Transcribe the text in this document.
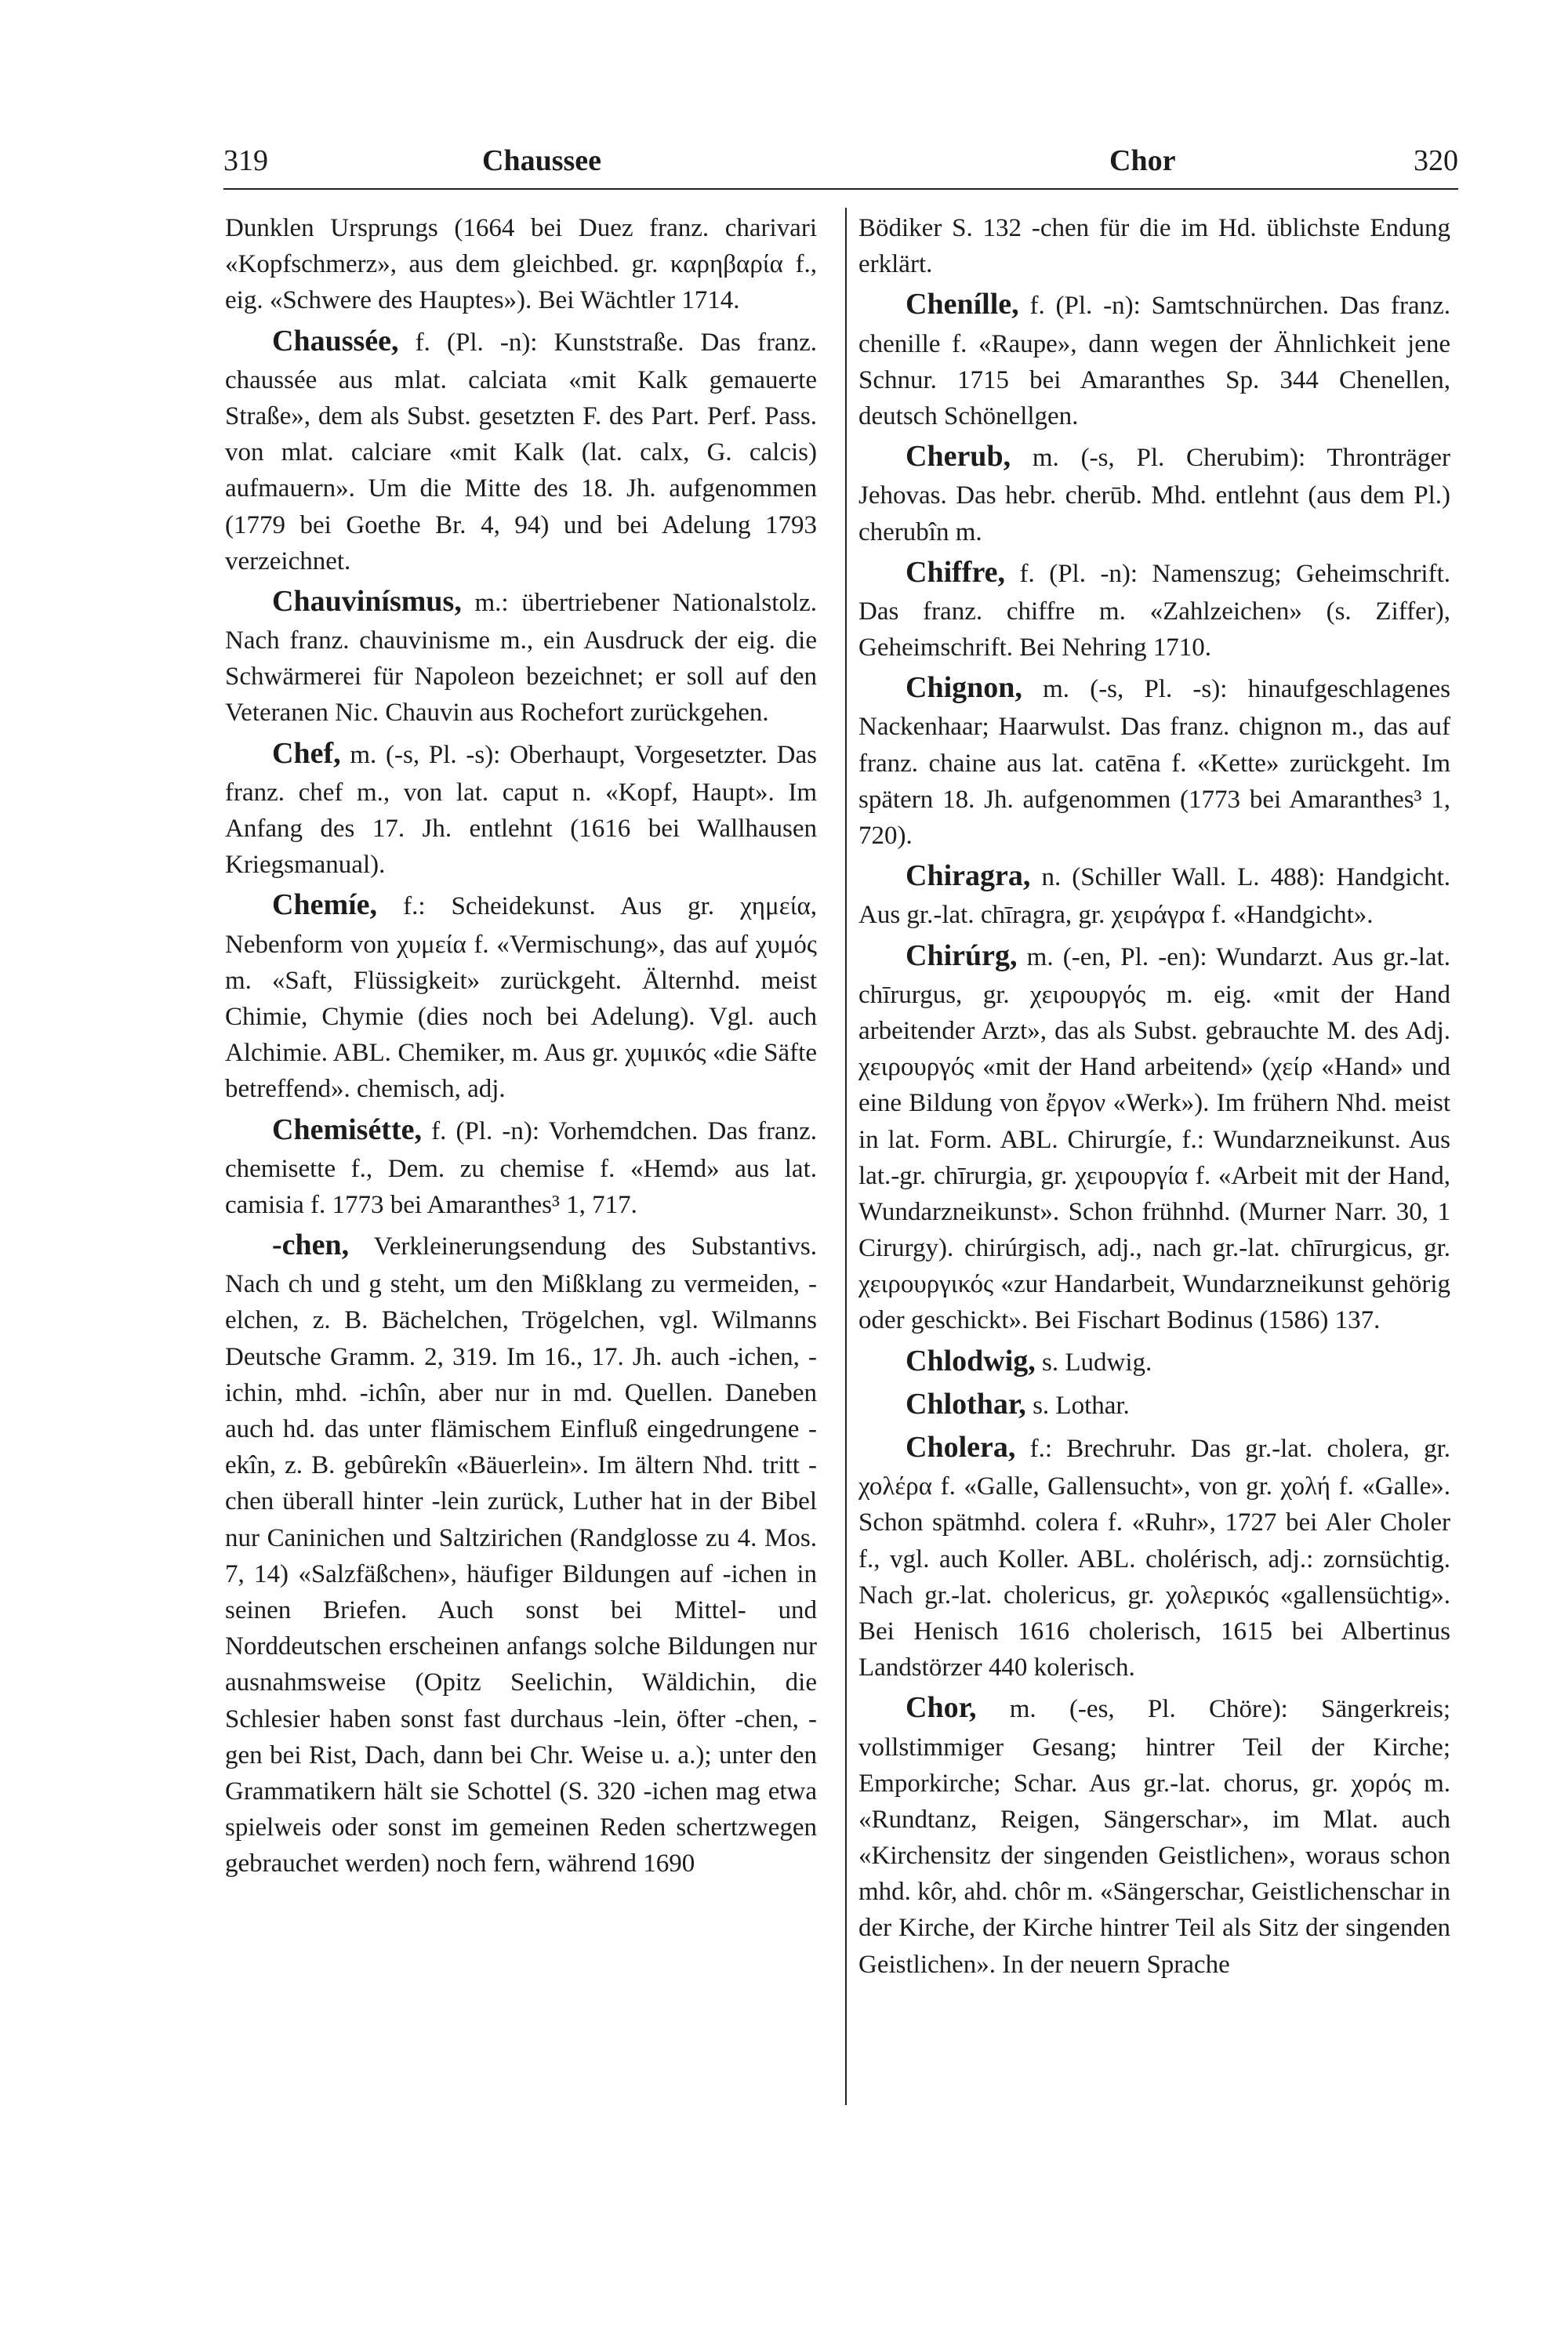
319	Chaussee	Chor	320

Dunklen Ursprungs (1664 bei Duez franz. charivari «Kopfschmerz», aus dem gleichbed. gr. καρηβαρία f., eig. «Schwere des Hauptes»). Bei Wächtler 1714.

Chaussée, f. (Pl. -n): Kunststraße. Das franz. chaussée aus mlat. calciata «mit Kalk gemauerte Straße», dem als Subst. gesetzten F. des Part. Perf. Pass. von mlat. calciare «mit Kalk (lat. calx, G. calcis) aufmauern». Um die Mitte des 18. Jh. aufgenommen (1779 bei Goethe Br. 4, 94) und bei Adelung 1793 verzeichnet.

Chauvinísmus, m.: übertriebener Nationalstolz. Nach franz. chauvinisme m., ein Ausdruck der eig. die Schwärmerei für Napoleon bezeichnet; er soll auf den Veteranen Nic. Chauvin aus Rochefort zurückgehen.

Chef, m. (-s, Pl. -s): Oberhaupt, Vorgesetzter. Das franz. chef m., von lat. caput n. «Kopf, Haupt». Im Anfang des 17. Jh. entlehnt (1616 bei Wallhausen Kriegsmanual).

Chemíe, f.: Scheidekunst. Aus gr. χημεία, Nebenform von χυμεία f. «Vermischung», das auf χυμός m. «Saft, Flüssigkeit» zurückgeht. Älternhd. meist Chimie, Chymie (dies noch bei Adelung). Vgl. auch Alchimie. ABL. Chemiker, m. Aus gr. χυμικός «die Säfte betreffend». chemisch, adj.

Chemisétte, f. (Pl. -n): Vorhemdchen. Das franz. chemisette f., Dem. zu chemise f. «Hemd» aus lat. camisia f. 1773 bei Amaranthes³ 1, 717.

-chen, Verkleinerungsendung des Substantivs. Nach ch und g steht, um den Mißklang zu vermeiden, -elchen, z. B. Bächelchen, Trögelchen, vgl. Wilmanns Deutsche Gramm. 2, 319. Im 16., 17. Jh. auch -ichen, -ichin, mhd. -ichîn, aber nur in md. Quellen. Daneben auch hd. das unter flämischem Einfluß eingedrungene -ekîn, z. B. gebûrekîn «Bäuerlein». Im ältern Nhd. tritt -chen überall hinter -lein zurück, Luther hat in der Bibel nur Caninichen und Saltzirichen (Randglosse zu 4. Mos. 7, 14) «Salzfäßchen», häufiger Bildungen auf -ichen in seinen Briefen. Auch sonst bei Mittel- und Norddeutschen erscheinen anfangs solche Bildungen nur ausnahmsweise (Opitz Seelichin, Wäldichin, die Schlesier haben sonst fast durchaus -lein, öfter -chen, -gen bei Rist, Dach, dann bei Chr. Weise u. a.); unter den Grammatikern hält sie Schottel (S. 320 -ichen mag etwa spielweis oder sonst im gemeinen Reden schertzwegen gebrauchet werden) noch fern, während 1690

Bödiker S. 132 -chen für die im Hd. üblichste Endung erklärt.

Chenílle, f. (Pl. -n): Samtschnürchen. Das franz. chenille f. «Raupe», dann wegen der Ähnlichkeit jene Schnur. 1715 bei Amaranthes Sp. 344 Chenellen, deutsch Schönellgen.

Cherub, m. (-s, Pl. Cherubim): Thronträger Jehovas. Das hebr. cherūb. Mhd. entlehnt (aus dem Pl.) cherubîn m.

Chiffre, f. (Pl. -n): Namenszug; Geheimschrift. Das franz. chiffre m. «Zahlzeichen» (s. Ziffer), Geheimschrift. Bei Nehring 1710.

Chignon, m. (-s, Pl. -s): hinaufgeschlagenes Nackenhaar; Haarwulst. Das franz. chignon m., das auf franz. chaine aus lat. catēna f. «Kette» zurückgeht. Im spätern 18. Jh. aufgenommen (1773 bei Amaranthes³ 1, 720).

Chiragra, n. (Schiller Wall. L. 488): Handgicht. Aus gr.-lat. chīragra, gr. χειράγρα f. «Handgicht».

Chirúrg, m. (-en, Pl. -en): Wundarzt. Aus gr.-lat. chīrurgus, gr. χειρουργός m. eig. «mit der Hand arbeitender Arzt», das als Subst. gebrauchte M. des Adj. χειρουργός «mit der Hand arbeitend» (χείρ «Hand» und eine Bildung von ἔργον «Werk»). Im frühern Nhd. meist in lat. Form. ABL. Chirurgíe, f.: Wundarzneikunst. Aus lat.-gr. chīrurgia, gr. χειρουργία f. «Arbeit mit der Hand, Wundarzneikunst». Schon frühnhd. (Murner Narr. 30, 1 Cirurgy). chirúrgisch, adj., nach gr.-lat. chīrurgicus, gr. χειρουργικός «zur Handarbeit, Wundarzneikunst gehörig oder geschickt». Bei Fischart Bodinus (1586) 137.

Chlodwig, s. Ludwig.

Chlothar, s. Lothar.

Cholera, f.: Brechruhr. Das gr.-lat. cholera, gr. χολέρα f. «Galle, Gallensucht», von gr. χολή f. «Galle». Schon spätmhd. colera f. «Ruhr», 1727 bei Aler Choler f., vgl. auch Koller. ABL. cholérisch, adj.: zornsüchtig. Nach gr.-lat. cholericus, gr. χολερικός «gallensüchtig». Bei Henisch 1616 cholerisch, 1615 bei Albertinus Landstörzer 440 kolerisch.

Chor, m. (-es, Pl. Chöre): Sängerkreis; vollstimmiger Gesang; hintrer Teil der Kirche; Emporkirche; Schar. Aus gr.-lat. chorus, gr. χορός m. «Rundtanz, Reigen, Sängerschar», im Mlat. auch «Kirchensitz der singenden Geistlichen», woraus schon mhd. kôr, ahd. chôr m. «Sängerschar, Geistlichenschar in der Kirche, der Kirche hintrer Teil als Sitz der singenden Geistlichen». In der neuern Sprache
